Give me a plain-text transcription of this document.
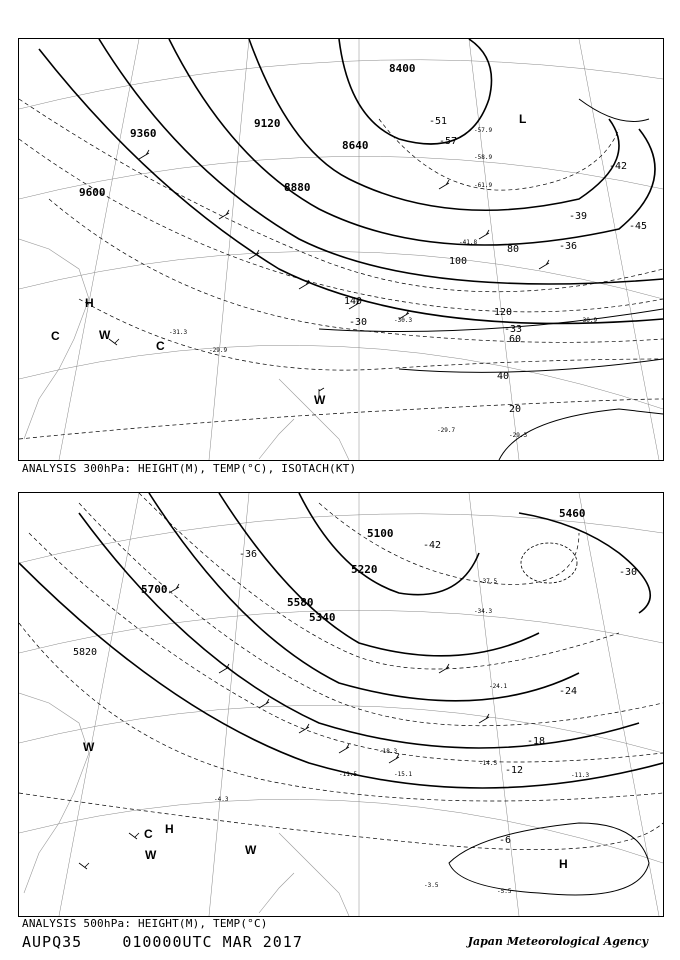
8400
8640
8880
9120
9360
9600
20
40
60
80
100
120
140
-30
-33
-36
-39
-42
-45
-51
-57
-31.3
-30.3
-29.9
-29.7
-29.3
-30.9
-41.8
-57.9
-58.9
-61.9
H
L
C
C	W
W
ANALYSIS 300hPa: HEIGHT(M), TEMP(°C), ISOTACH(KT)
5100
5220
5340
5460
5580
5700
5820
-42
-36
-30
-24
-18
-12
-6
-11.5	-15.1
-14.5
-11.3
-4.3
-3.5
-5.5
-18.3
-24.1
-34.3
-37.5
H
H
C
W
W	W
ANALYSIS 500hPa: HEIGHT(M), TEMP(°C)
AUPQ35	010000UTC MAR 2017	Japan Meteorological Agency
